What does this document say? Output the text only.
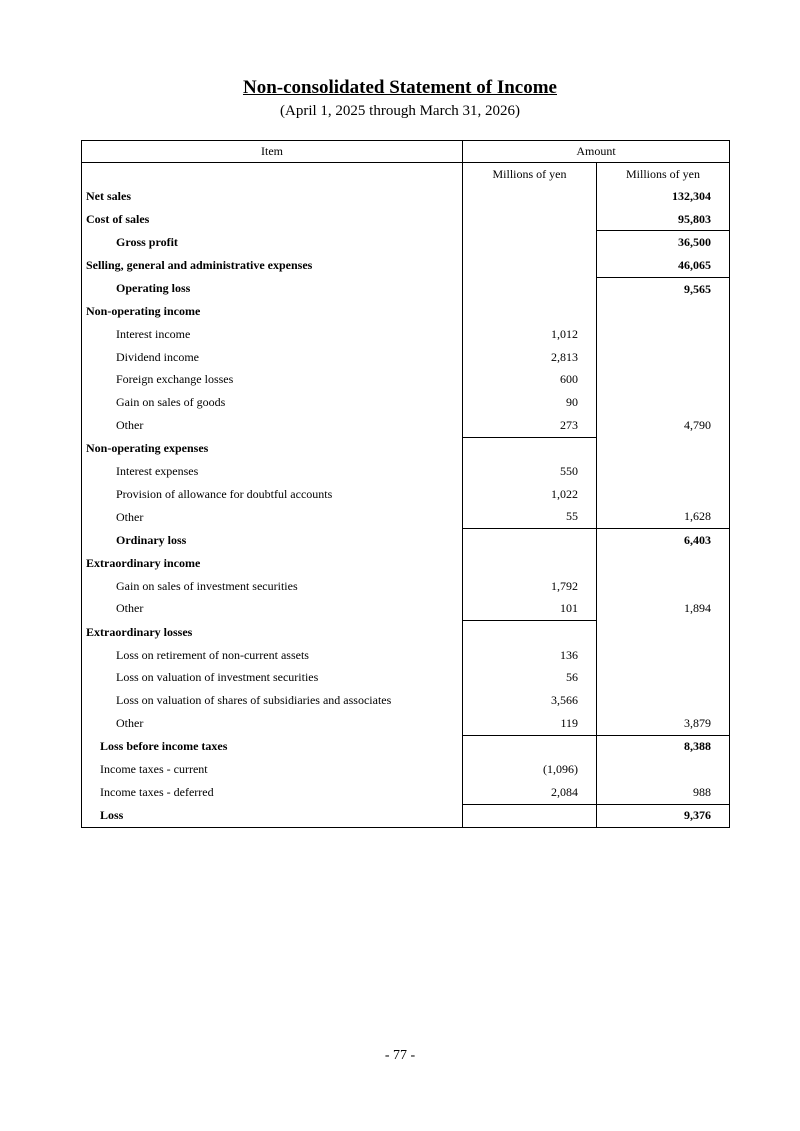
Non-consolidated Statement of Income
(April 1, 2025 through March 31, 2026)
Item	Amount	
	Millions of yen	Millions of yen
Net sales		132,304
Cost of sales		95,803
Gross profit		36,500
Selling, general and administrative expenses		46,065
Operating loss		9,565
Non-operating income		
Interest income	1,012	
Dividend income	2,813	
Foreign exchange losses	600	
Gain on sales of goods	90	
Other	273	4,790
Non-operating expenses		
Interest expenses	550	
Provision of allowance for doubtful accounts	1,022	
Other	55	1,628
Ordinary loss		6,403
Extraordinary income		
Gain on sales of investment securities	1,792	
Other	101	1,894
Extraordinary losses		
Loss on retirement of non-current assets	136	
Loss on valuation of investment securities	56	
Loss on valuation of shares of subsidiaries and associates	3,566	
Other	119	3,879
Loss before income taxes		8,388
Income taxes - current	(1,096)	
Income taxes - deferred	2,084	988
Loss		9,376
- 77 -
